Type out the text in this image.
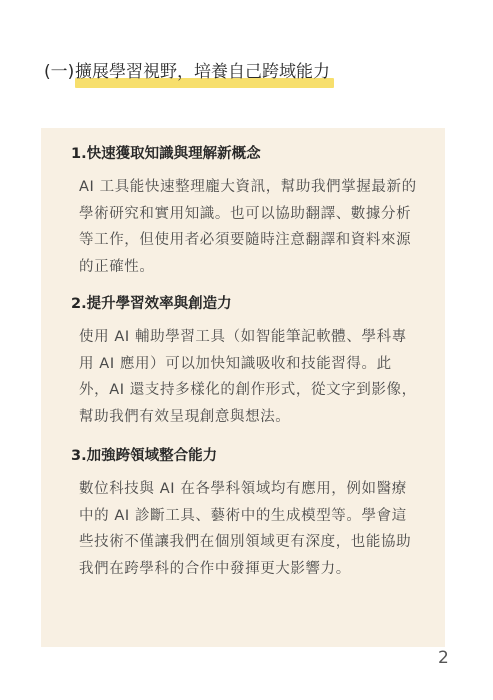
(一) 擴展學習視野，培養自己跨域能力

1.快速獲取知識與理解新概念

AI 工具能快速整理龐大資訊，幫助我們掌握最新的學術研究和實用知識。也可以協助翻譯、數據分析等工作，但使用者必須要隨時注意翻譯和資料來源的正確性。

2.提升學習效率與創造力

使用 AI 輔助學習工具（如智能筆記軟體、學科專用 AI 應用）可以加快知識吸收和技能習得。此外，AI 還支持多樣化的創作形式，從文字到影像，幫助我們有效呈現創意與想法。

3.加強跨領域整合能力

數位科技與 AI 在各學科領域均有應用，例如醫療中的 AI 診斷工具、藝術中的生成模型等。學會這些技術不僅讓我們在個別領域更有深度，也能協助我們在跨學科的合作中發揮更大影響力。

2
